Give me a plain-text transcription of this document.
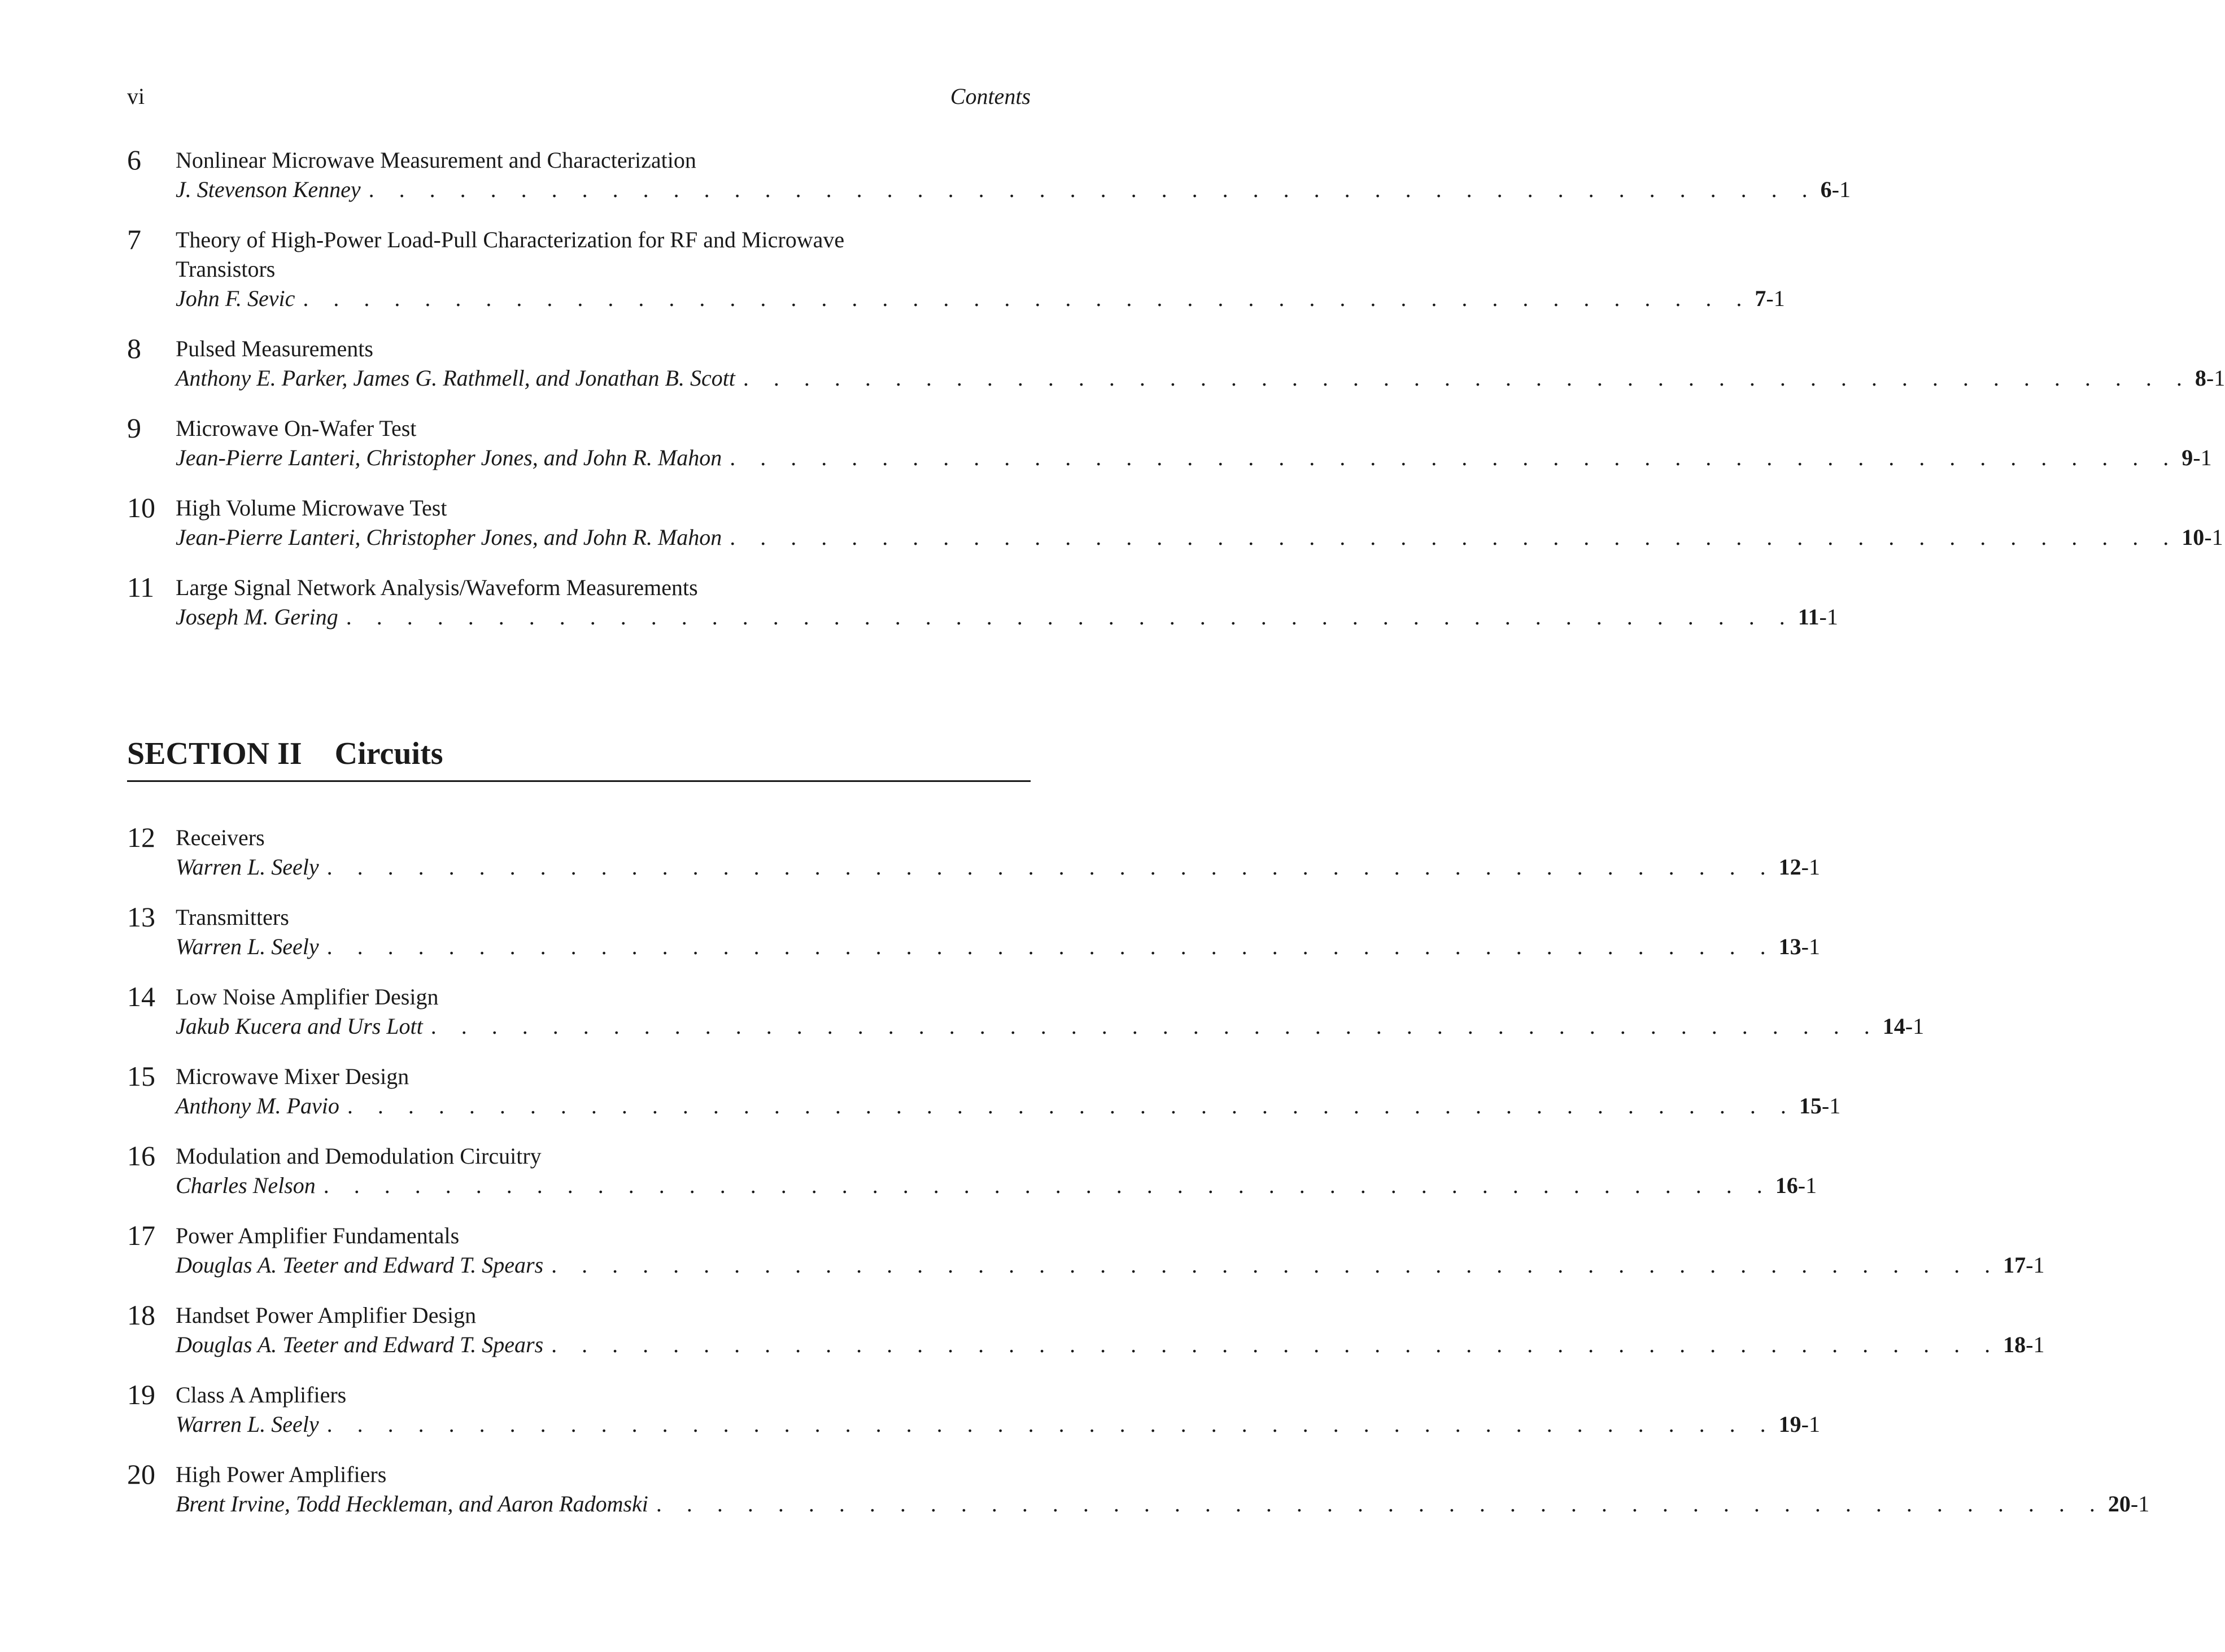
vi	Contents
6 Nonlinear Microwave Measurement and Characterization
J. Stevenson Kenney . . . . . . . . . . . . . . . . . . . . . . . . . . . . . . . . . . . . . . . . . . . . . . . . 6-1
7 Theory of High-Power Load-Pull Characterization for RF and Microwave Transistors
John F. Sevic . . . . . . . . . . . . . . . . . . . . . . . . . . . . . . . . . . . . . . . . . . . . . . . . 7-1
8 Pulsed Measurements
Anthony E. Parker, James G. Rathmell, and Jonathan B. Scott . . . . . . . . . . . . . . . . . . . . . . . . . . . . . . . . . . . . . . . . . . . . . . . . 8-1
9 Microwave On-Wafer Test
Jean-Pierre Lanteri, Christopher Jones, and John R. Mahon . . . . . . . . . . . . . . . . . . . . . . . . . . . . . . . . . . . . . . . . . . . . . . . . 9-1
10 High Volume Microwave Test
Jean-Pierre Lanteri, Christopher Jones, and John R. Mahon . . . . . . . . . . . . . . . . . . . . . . . . . . . . . . . . . . . . . . . . . . . . . . . . 10-1
11 Large Signal Network Analysis/Waveform Measurements
Joseph M. Gering . . . . . . . . . . . . . . . . . . . . . . . . . . . . . . . . . . . . . . . . . . . . . . . . 11-1
SECTION II Circuits
12 Receivers
Warren L. Seely . . . . . . . . . . . . . . . . . . . . . . . . . . . . . . . . . . . . . . . . . . . . . . . . 12-1
13 Transmitters
Warren L. Seely . . . . . . . . . . . . . . . . . . . . . . . . . . . . . . . . . . . . . . . . . . . . . . . . 13-1
14 Low Noise Amplifier Design
Jakub Kucera and Urs Lott . . . . . . . . . . . . . . . . . . . . . . . . . . . . . . . . . . . . . . . . . . . . . . . . 14-1
15 Microwave Mixer Design
Anthony M. Pavio . . . . . . . . . . . . . . . . . . . . . . . . . . . . . . . . . . . . . . . . . . . . . . . . 15-1
16 Modulation and Demodulation Circuitry
Charles Nelson . . . . . . . . . . . . . . . . . . . . . . . . . . . . . . . . . . . . . . . . . . . . . . . . 16-1
17 Power Amplifier Fundamentals
Douglas A. Teeter and Edward T. Spears . . . . . . . . . . . . . . . . . . . . . . . . . . . . . . . . . . . . . . . . . . . . . . . . 17-1
18 Handset Power Amplifier Design
Douglas A. Teeter and Edward T. Spears . . . . . . . . . . . . . . . . . . . . . . . . . . . . . . . . . . . . . . . . . . . . . . . . 18-1
19 Class A Amplifiers
Warren L. Seely . . . . . . . . . . . . . . . . . . . . . . . . . . . . . . . . . . . . . . . . . . . . . . . . 19-1
20 High Power Amplifiers
Brent Irvine, Todd Heckleman, and Aaron Radomski . . . . . . . . . . . . . . . . . . . . . . . . . . . . . . . . . . . . . . . . . . . . . . . . 20-1
